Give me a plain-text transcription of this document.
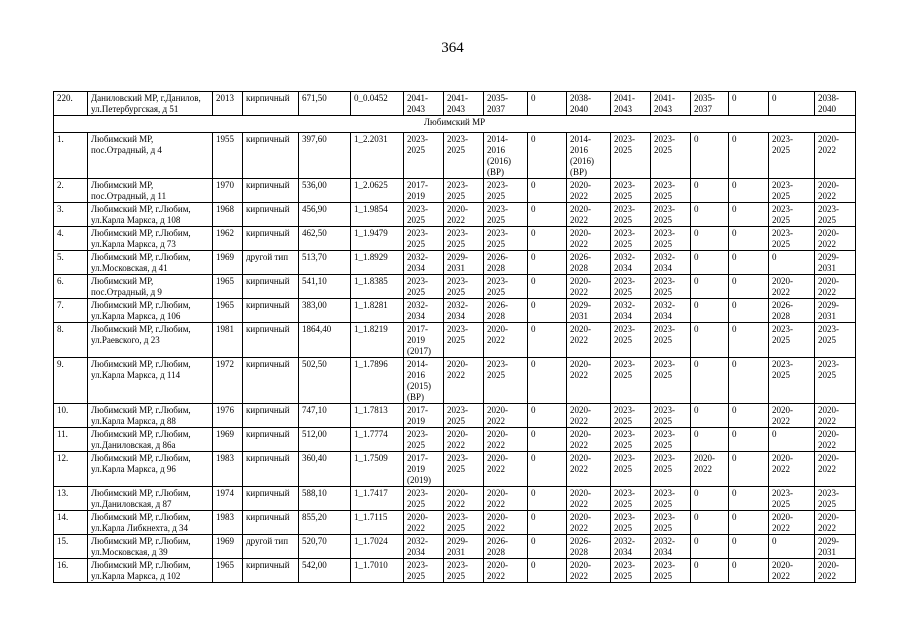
364
220.	Даниловский МР, г.Данилов,
ул.Петербургская, д 51	2013	кирпичный	671,50	0_0.0452	2041-
2043	2041-
2043	2035-
2037	0	2038-
2040	2041-
2043	2041-
2043	2035-
2037	0	0	2038-
2040
Любимский МР																
1.	Любимский МР,
пос.Отрадный, д 4	1955	кирпичный	397,60	1_2.2031	2023-
2025	2023-
2025	2014-
2016
(2016)
(ВР)	0	2014-
2016
(2016)
(ВР)	2023-
2025	2023-
2025	0	0	2023-
2025	2020-
2022
2.	Любимский МР,
пос.Отрадный, д 11	1970	кирпичный	536,00	1_2.0625	2017-
2019	2023-
2025	2023-
2025	0	2020-
2022	2023-
2025	2023-
2025	0	0	2023-
2025	2020-
2022
3.	Любимский МР, г.Любим,
ул.Карла Маркса, д 108	1968	кирпичный	456,90	1_1.9854	2023-
2025	2020-
2022	2023-
2025	0	2020-
2022	2023-
2025	2023-
2025	0	0	2023-
2025	2023-
2025
4.	Любимский МР, г.Любим,
ул.Карла Маркса, д 73	1962	кирпичный	462,50	1_1.9479	2023-
2025	2023-
2025	2023-
2025	0	2020-
2022	2023-
2025	2023-
2025	0	0	2023-
2025	2020-
2022
5.	Любимский МР, г.Любим,
ул.Московская, д 41	1969	другой тип	513,70	1_1.8929	2032-
2034	2029-
2031	2026-
2028	0	2026-
2028	2032-
2034	2032-
2034	0	0	0	2029-
2031
6.	Любимский МР,
пос.Отрадный, д 9	1965	кирпичный	541,10	1_1.8385	2023-
2025	2023-
2025	2023-
2025	0	2020-
2022	2023-
2025	2023-
2025	0	0	2020-
2022	2020-
2022
7.	Любимский МР, г.Любим,
ул.Карла Маркса, д 106	1965	кирпичный	383,00	1_1.8281	2032-
2034	2032-
2034	2026-
2028	0	2029-
2031	2032-
2034	2032-
2034	0	0	2026-
2028	2029-
2031
8.	Любимский МР, г.Любим,
ул.Раевского, д 23	1981	кирпичный	1864,40	1_1.8219	2017-
2019
(2017)	2023-
2025	2020-
2022	0	2020-
2022	2023-
2025	2023-
2025	0	0	2023-
2025	2023-
2025
9.	Любимский МР, г.Любим,
ул.Карла Маркса, д 114	1972	кирпичный	502,50	1_1.7896	2014-
2016
(2015)
(ВР)	2020-
2022	2023-
2025	0	2020-
2022	2023-
2025	2023-
2025	0	0	2023-
2025	2023-
2025
10.	Любимский МР, г.Любим,
ул.Карла Маркса, д 88	1976	кирпичный	747,10	1_1.7813	2017-
2019	2023-
2025	2020-
2022	0	2020-
2022	2023-
2025	2023-
2025	0	0	2020-
2022	2020-
2022
11.	Любимский МР, г.Любим,
ул.Даниловская, д 86а	1969	кирпичный	512,00	1_1.7774	2023-
2025	2020-
2022	2020-
2022	0	2020-
2022	2023-
2025	2023-
2025	0	0	0	2020-
2022
12.	Любимский МР, г.Любим,
ул.Карла Маркса, д 96	1983	кирпичный	360,40	1_1.7509	2017-
2019
(2019)	2023-
2025	2020-
2022	0	2020-
2022	2023-
2025	2023-
2025	2020-
2022	0	2020-
2022	2020-
2022
13.	Любимский МР, г.Любим,
ул.Даниловская, д 87	1974	кирпичный	588,10	1_1.7417	2023-
2025	2020-
2022	2020-
2022	0	2020-
2022	2023-
2025	2023-
2025	0	0	2023-
2025	2023-
2025
14.	Любимский МР, г.Любим,
ул.Карла Либкнехта, д 34	1983	кирпичный	855,20	1_1.7115	2020-
2022	2023-
2025	2020-
2022	0	2020-
2022	2023-
2025	2023-
2025	0	0	2020-
2022	2020-
2022
15.	Любимский МР, г.Любим,
ул.Московская, д 39	1969	другой тип	520,70	1_1.7024	2032-
2034	2029-
2031	2026-
2028	0	2026-
2028	2032-
2034	2032-
2034	0	0	0	2029-
2031
16.	Любимский МР, г.Любим,
ул.Карла Маркса, д 102	1965	кирпичный	542,00	1_1.7010	2023-
2025	2023-
2025	2020-
2022	0	2020-
2022	2023-
2025	2023-
2025	0	0	2020-
2022	2020-
2022
